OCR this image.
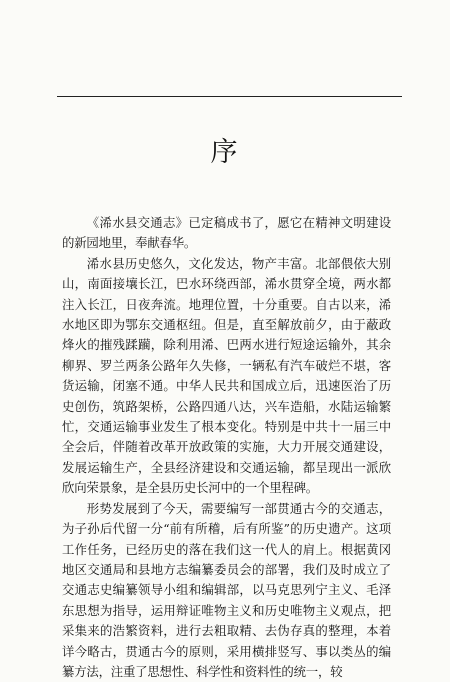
序

《浠水县交通志》已定稿成书了，愿它在精神文明建设的新园地里，奉献春华。

浠水县历史悠久，文化发达，物产丰富。北部偎依大别山，南面接壤长江，巴水环绕西部，浠水贯穿全境，两水都注入长江，日夜奔流。地理位置，十分重要。自古以来，浠水地区即为鄂东交通枢纽。但是，直至解放前夕，由于蔽政烽火的摧残蹂躏，除利用浠、巴两水进行短途运输外，其余柳界、罗兰两条公路年久失修，一辆私有汽车破烂不堪，客货运输，闭塞不通。中华人民共和国成立后，迅速医治了历史创伤，筑路架桥，公路四通八达，兴车造船，水陆运输繁忙，交通运输事业发生了根本变化。特别是中共十一届三中全会后，伴随着改革开放政策的实施，大力开展交通建设，发展运输生产，全县经济建设和交通运输，都呈现出一派欣欣向荣景象，是全县历史长河中的一个里程碑。

形势发展到了今天，需要编写一部贯通古今的交通志，为子孙后代留一分“前有所稽，后有所鉴”的历史遗产。这项工作任务，已经历史的落在我们这一代人的肩上。根据黄冈地区交通局和县地方志编纂委员会的部署，我们及时成立了交通志史编纂领导小组和编辑部，以马克思列宁主义、毛泽东思想为指导，运用辩证唯物主义和历史唯物主义观点，把采集来的浩繁资料，进行去粗取精、去伪存真的整理，本着详今略古，贯通古今的原则，采用横排竖写、事以类丛的编纂方法，注重了思想性、科学性和资料性的统一，较
